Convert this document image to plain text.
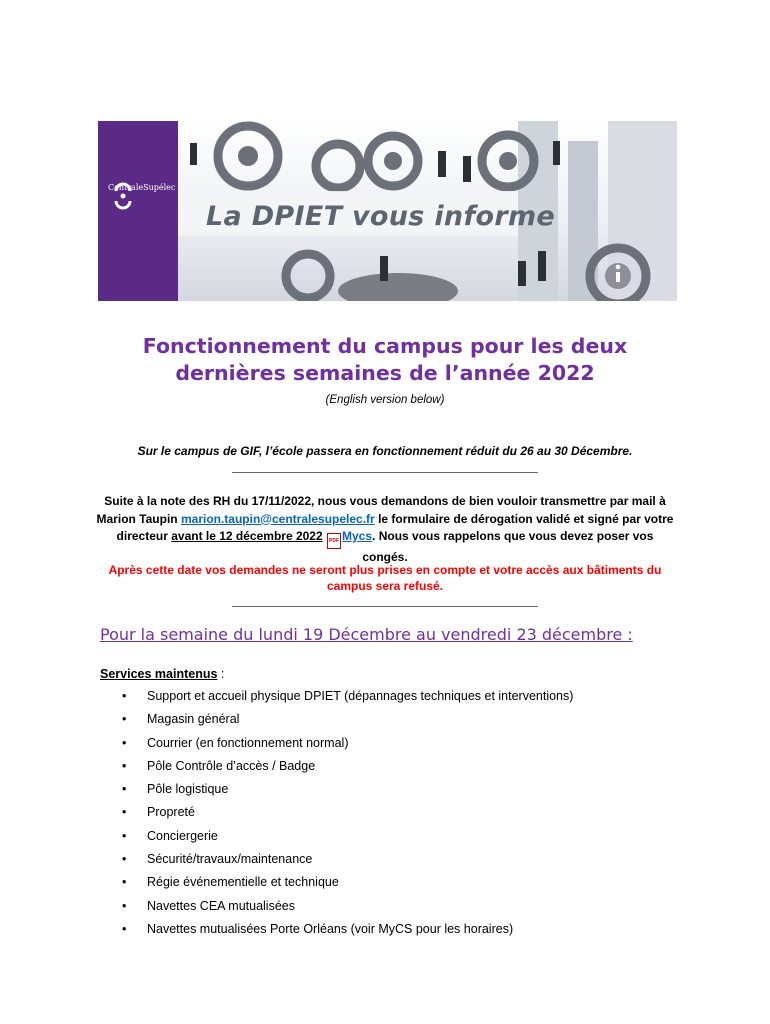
CentraleSupélec
La DPIET vous informe
Fonctionnement du campus pour les deux
dernières semaines de l’année 2022
(English version below)
Sur le campus de GIF, l’école passera en fonctionnement réduit du 26 au 30 Décembre.
Suite à la note des RH du 17/11/2022, nous vous demandons de bien vouloir transmettre par mail à Marion Taupin marion.taupin@centralesupelec.fr le formulaire de dérogation validé et signé par votre directeur avant le 12 décembre 2022 PDF Mycs. Nous vous rappelons que vous devez poser vos congés.
Après cette date vos demandes ne seront plus prises en compte et votre accès aux bâtiments du campus sera refusé.
Pour la semaine du lundi 19 Décembre au vendredi 23 décembre :
Services maintenus :
• Support et accueil physique DPIET (dépannages techniques et interventions)
• Magasin général
• Courrier (en fonctionnement normal)
• Pôle Contrôle d’accès / Badge
• Pôle logistique
• Propreté
• Conciergerie
• Sécurité/travaux/maintenance
• Régie événementielle et technique
• Navettes CEA mutualisées
• Navettes mutualisées Porte Orléans (voir MyCS pour les horaires)
